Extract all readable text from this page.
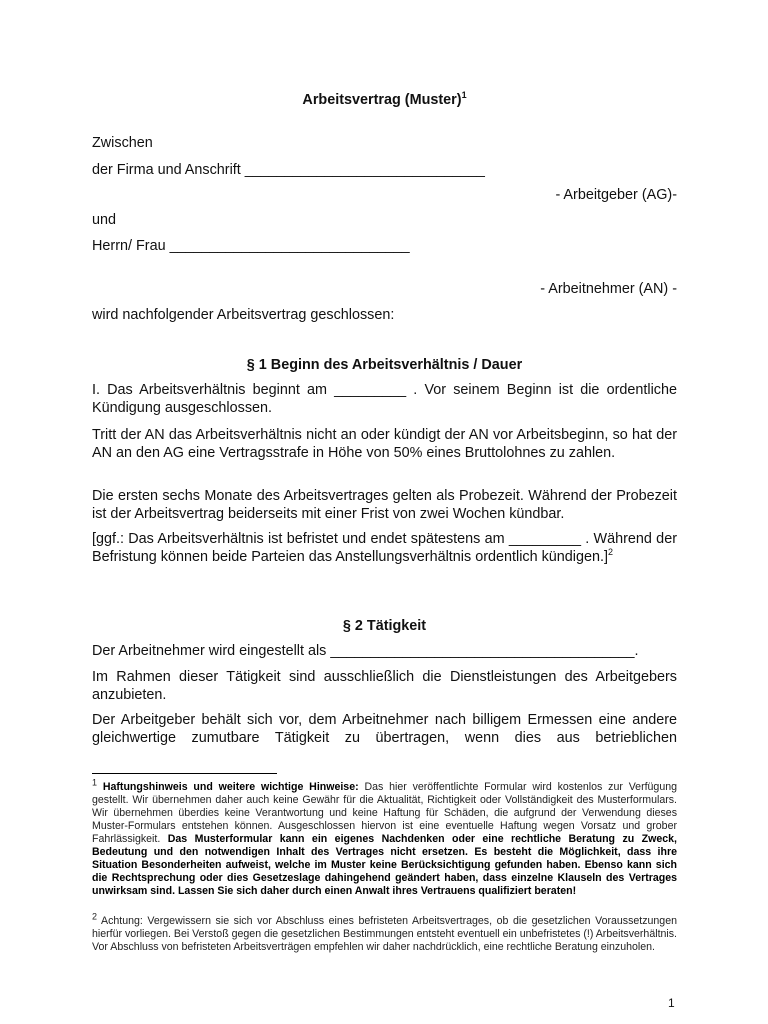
Arbeitsvertrag (Muster)$^1$
Zwischen
der Firma und Anschrift ______________________________
- Arbeitgeber (AG)-
und
Herrn/ Frau ______________________________
- Arbeitnehmer (AN) -
wird nachfolgender Arbeitsvertrag geschlossen:
§ 1 Beginn des Arbeitsverhältnis / Dauer
I. Das Arbeitsverhältnis beginnt am _________ . Vor seinem Beginn ist die ordentliche Kündigung ausgeschlossen.
Tritt der AN das Arbeitsverhältnis nicht an oder kündigt der AN vor Arbeitsbeginn, so hat der AN an den AG eine Vertragsstrafe in Höhe von 50% eines Bruttolohnes zu zahlen.
Die ersten sechs Monate des Arbeitsvertrages gelten als Probezeit. Während der Probezeit ist der Arbeitsvertrag beiderseits mit einer Frist von zwei Wochen kündbar.
[ggf.: Das Arbeitsverhältnis ist befristet und endet spätestens am _________ . Während der Befristung können beide Parteien das Anstellungsverhältnis ordentlich kündigen.]$^2$
§ 2 Tätigkeit
Der Arbeitnehmer wird eingestellt als ______________________________________.
Im Rahmen dieser Tätigkeit sind ausschließlich die Dienstleistungen des Arbeitgebers anzubieten.
Der Arbeitgeber behält sich vor, dem Arbeitnehmer nach billigem Ermessen eine andere gleichwertige zumutbare Tätigkeit zu übertragen, wenn dies aus betrieblichen
$^1$ Haftungshinweis und weitere wichtige Hinweise: Das hier veröffentlichte Formular wird kostenlos zur Verfügung gestellt. Wir übernehmen daher auch keine Gewähr für die Aktualität, Richtigkeit oder Vollständigkeit des Musterformulars. Wir übernehmen überdies keine Verantwortung und keine Haftung für Schäden, die aufgrund der Verwendung dieses Muster-Formulars entstehen können. Ausgeschlossen hiervon ist eine eventuelle Haftung wegen Vorsatz und grober Fahrlässigkeit. Das Musterformular kann ein eigenes Nachdenken oder eine rechtliche Beratung zu Zweck, Bedeutung und den notwendigen Inhalt des Vertrages nicht ersetzen. Es besteht die Möglichkeit, dass ihre Situation Besonderheiten aufweist, welche im Muster keine Berücksichtigung gefunden haben. Ebenso kann sich die Rechtsprechung oder dies Gesetzeslage dahingehend geändert haben, dass einzelne Klauseln des Vertrages unwirksam sind. Lassen Sie sich daher durch einen Anwalt ihres Vertrauens qualifiziert beraten!
$^2$ Achtung: Vergewissern sie sich vor Abschluss eines befristeten Arbeitsvertrages, ob die gesetzlichen Voraussetzungen hierfür vorliegen. Bei Verstoß gegen die gesetzlichen Bestimmungen entsteht eventuell ein unbefristetes (!) Arbeitsverhältnis. Vor Abschluss von befristeten Arbeitsverträgen empfehlen wir daher nachdrücklich, eine rechtliche Beratung einzuholen.
1
